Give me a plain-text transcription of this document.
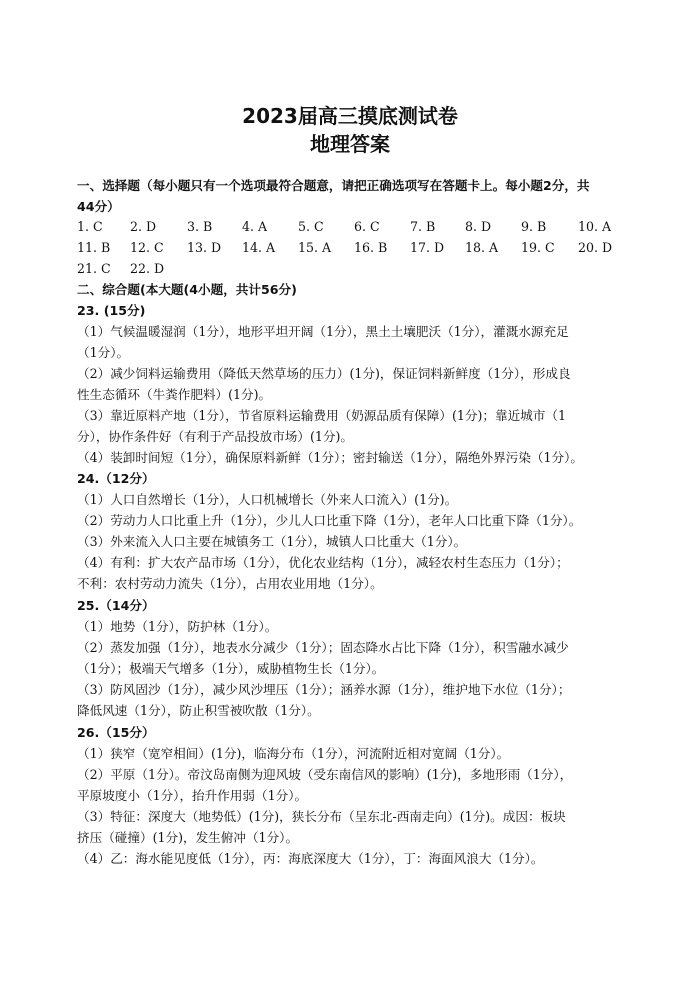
2023届高三摸底测试卷
地理答案
一、选择题（每小题只有一个选项最符合题意，请把正确选项写在答题卡上。每小题2分，共
44分）
1. C 2. D 3. B 4. A 5. C 6. C 7. B 8. D 9. B	10. A
11. B 12. C 13. D 14. A 15. A 16. B 17. D 18. A 19. C 20. D
21. C 22. D
二、综合题(本大题(4小题，共计56分)
23. (15分)
（1）气候温暖湿润（1分），地形平坦开阔（1分），黑土土壤肥沃（1分），灌溉水源充足
（1分）。
（2）减少饲料运输费用（降低天然草场的压力）(1分)，保证饲料新鲜度（1分），形成良
性生态循环（牛粪作肥料）(1分)。
（3）靠近原料产地（1分），节省原料运输费用（奶源品质有保障）(1分)；靠近城市（1
分），协作条件好（有利于产品投放市场）(1分)。
（4）装卸时间短（1分），确保原料新鲜（1分）；密封输送（1分），隔绝外界污染（1分）。
24.（12分）
（1）人口自然增长（1分），人口机械增长（外来人口流入）(1分)。
（2）劳动力人口比重上升（1分），少儿人口比重下降（1分），老年人口比重下降（1分）。
（3）外来流入人口主要在城镇务工（1分），城镇人口比重大（1分）。
（4）有利：扩大农产品市场（1分），优化农业结构（1分），减轻农村生态压力（1分）；
不利：农村劳动力流失（1分），占用农业用地（1分）。
25.（14分）
（1）地势（1分），防护林（1分）。
（2）蒸发加强（1分），地表水分减少（1分）；固态降水占比下降（1分），积雪融水减少
（1分）；极端天气增多（1分），威胁植物生长（1分）。
（3）防风固沙（1分），减少风沙埋压（1分）；涵养水源（1分），维护地下水位（1分）；
降低风速（1分），防止积雪被吹散（1分）。
26.（15分）
（1）狭窄（宽窄相间）(1分)，临海分布（1分），河流附近相对宽阔（1分）。
（2）平原（1分）。帝汶岛南侧为迎风坡（受东南信风的影响）(1分)，多地形雨（1分），
平原坡度小（1分），抬升作用弱（1分）。
（3）特征：深度大（地势低）(1分)，狭长分布（呈东北-西南走向）(1分)。成因：板块
挤压（碰撞）(1分)，发生俯冲（1分）。
（4）乙：海水能见度低（1分），丙：海底深度大（1分），丁：海面风浪大（1分）。
